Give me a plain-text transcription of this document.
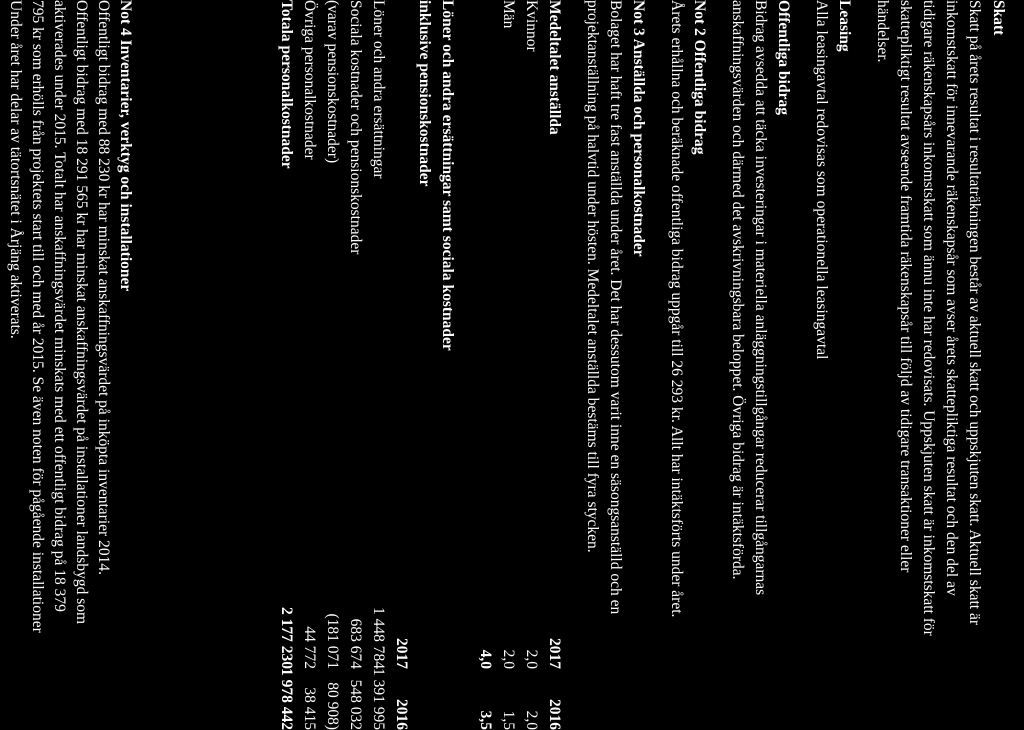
Skatt
Skatt på årets resultat i resultaträkningen består av aktuell skatt och uppskjuten skatt. Aktuell skatt är
inkomstskatt för innevarande räkenskapsår som avser årets skattepliktiga resultat och den del av
tidigare räkenskapsårs inkomstskatt som ännu inte har redovisats. Uppskjuten skatt är inkomstskatt för
skattepliktigt resultat avseende framtida räkenskapsår till följd av tidigare transaktioner eller
händelser.
Leasing
Alla leasingavtal redovisas som operationella leasingavtal
Offentliga bidrag
Bidrag avsedda att täcka investeringar i materiella anläggningstillgångar reducerar tillgångarnas
anskaffningsvärden och därmed det avskrivningsbara beloppet. Övriga bidrag är intäktsförda.
Not 2 Offentliga bidrag
Årets erhållna och beräknade offentliga bidrag uppgår till 26 293 kr. Allt har intäktsförts under året.
Not 3 Anställda och personalkostnader
Bolaget har haft tre fast anställda under året. Det har dessutom varit inne en säsongsanställd och en
projektanställning på halvtid under hösten. Medeltalet anställda bestäms till fyra stycken.
Medeltalet anställda
2017
2016
Kvinnor
2,0
2,0
Män
2,0
1,5
4,0
3,5
Löner och andra ersättningar samt sociala kostnader
inklusive pensionskostnader
2017
2016
Löner och andra ersättningar
1 448 784
1 391 995
Sociala kostnader och pensionskostnader
683 674
548 032
(varav pensionskostnader)
(181 071
80 908)
Övriga personalkostnader
44 772
38 415
Totala personalkostnader
2 177 230
1 978 442
Not 4 Inventarier, verktyg och installationer
Offentligt bidrag med 88 230 kr har minskat anskaffningsvärdet på inköpta inventarier 2014.
Offentligt bidrag med 18 291 565 kr har minskat anskaffningsvärdet på installationer landsbygd som
aktiverades under 2015. Totalt har anskaffningsvärdet minskats med ett offentligt bidrag på 18 379
795 kr som erhölls från projektets start till och med år 2015. Se även noten för pågående installationer
Under året har delar av tätortsnätet i Årjäng aktiverats.
